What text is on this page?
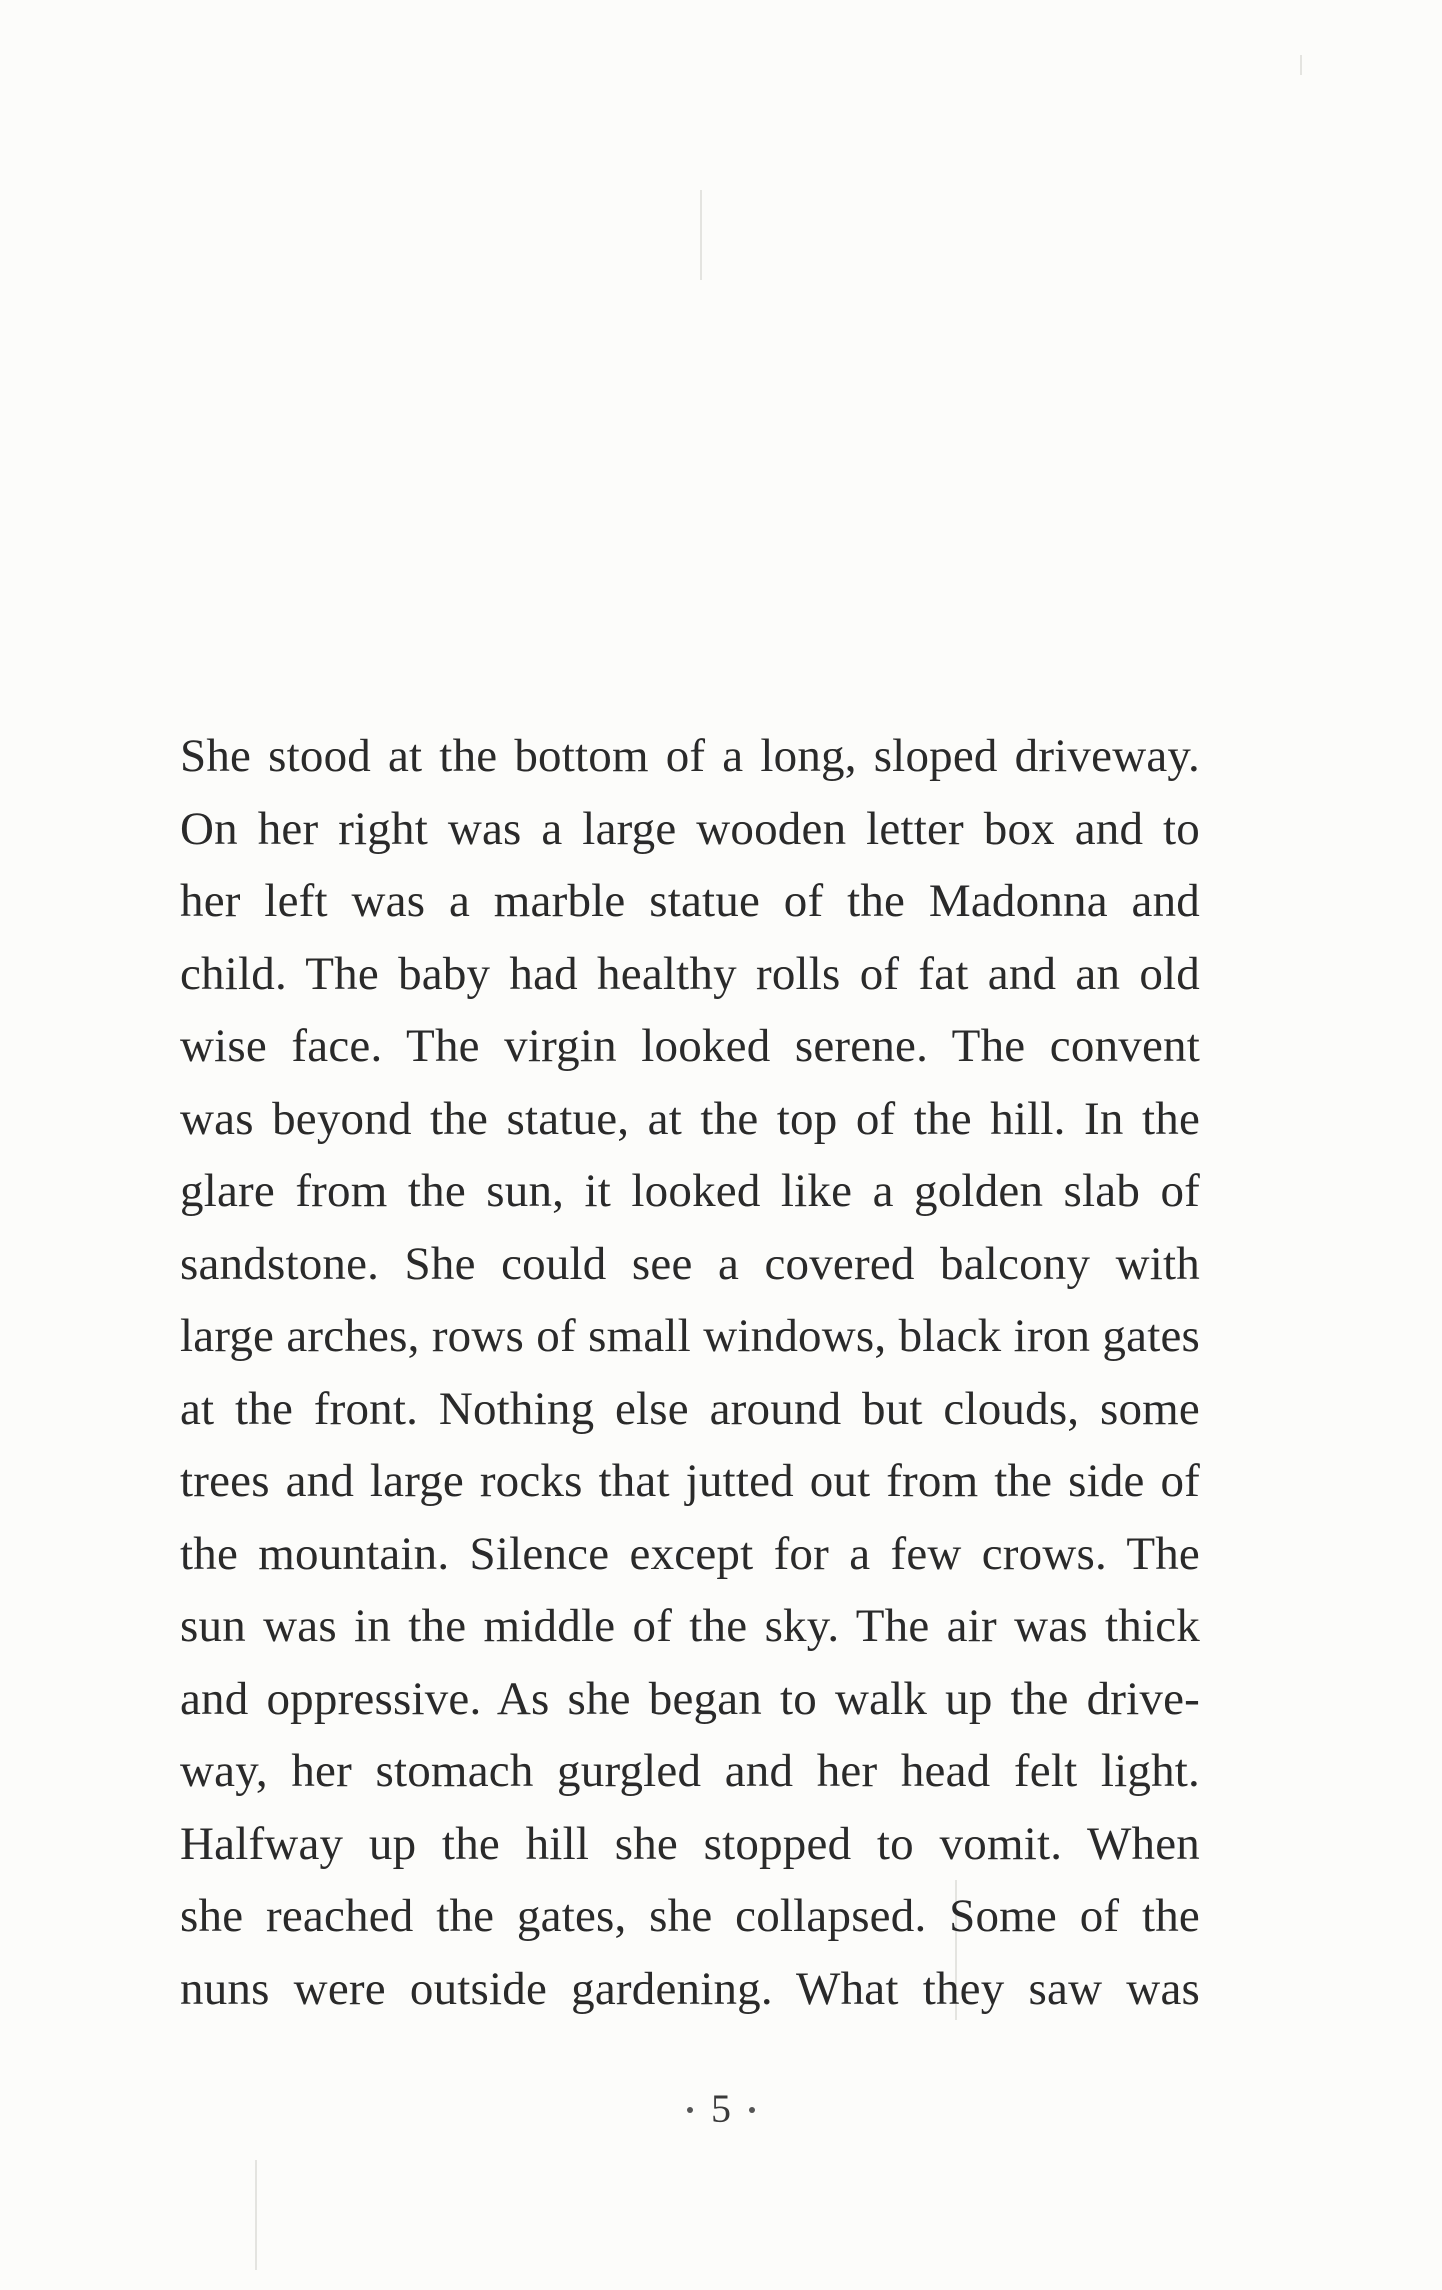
She stood at the bottom of a long, sloped driveway.
On her right was a large wooden letter box and to
her left was a marble statue of the Madonna and
child. The baby had healthy rolls of fat and an old
wise face. The virgin looked serene. The convent
was beyond the statue, at the top of the hill. In the
glare from the sun, it looked like a golden slab of
sandstone. She could see a covered balcony with
large arches, rows of small windows, black iron gates
at the front. Nothing else around but clouds, some
trees and large rocks that jutted out from the side of
the mountain. Silence except for a few crows. The
sun was in the middle of the sky. The air was thick
and oppressive. As she began to walk up the drive-
way, her stomach gurgled and her head felt light.
Halfway up the hill she stopped to vomit. When
she reached the gates, she collapsed. Some of the
nuns were outside gardening. What they saw was
5
